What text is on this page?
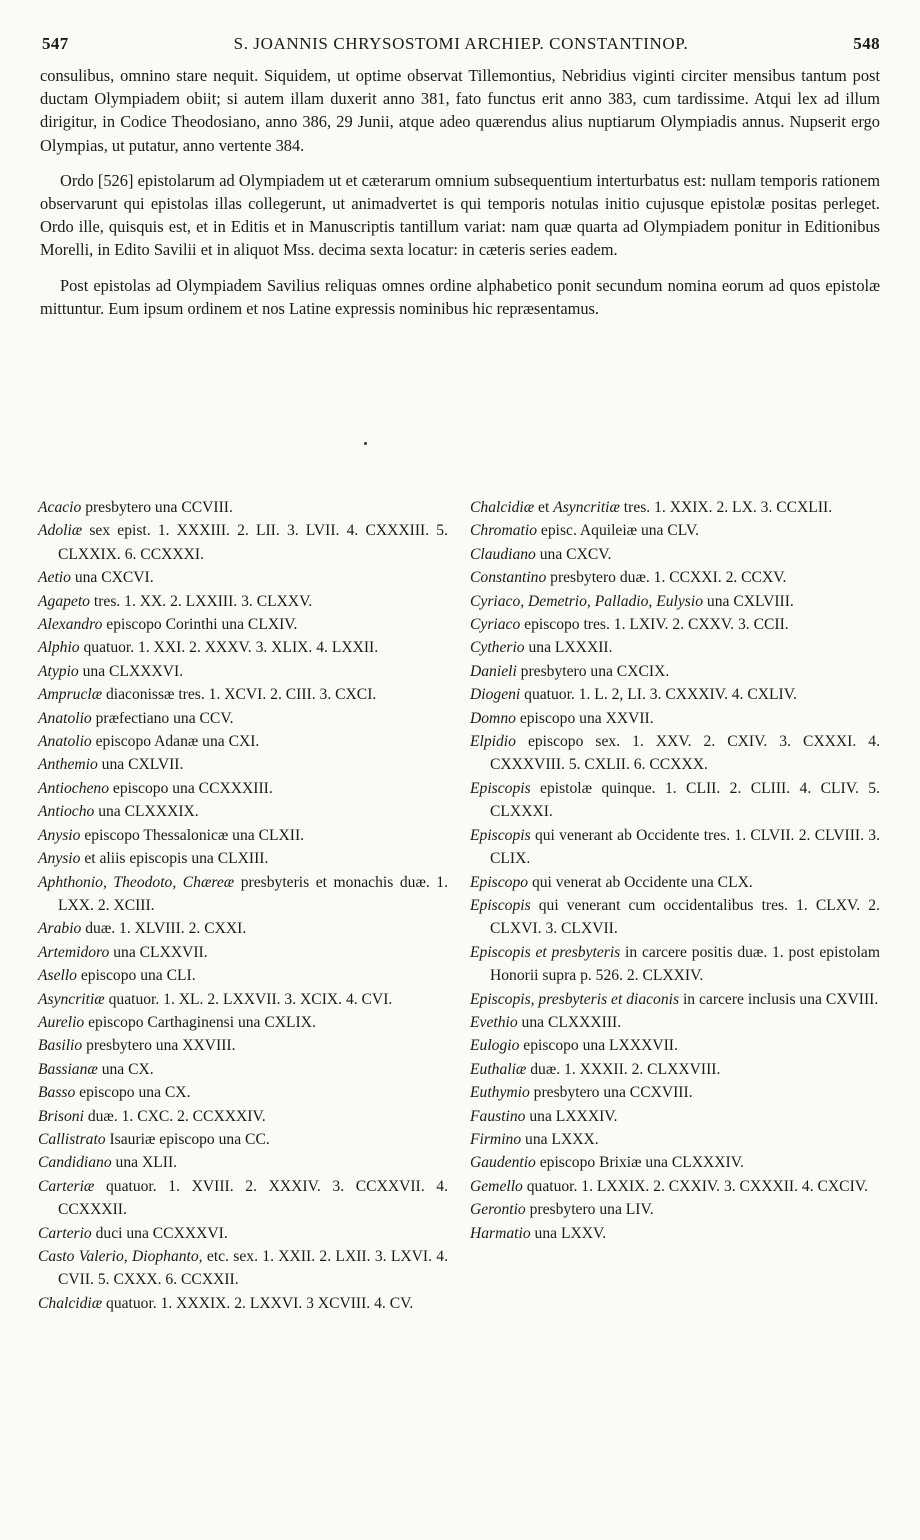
547	S. JOANNIS CHRYSOSTOMI ARCHIEP. CONSTANTINOP.	548

consulibus, omnino stare nequit. Siquidem, ut optime observat Tillemontius, Nebridius viginti circiter mensibus tantum post ductam Olympiadem obiit; si autem illam duxerit anno 381, fato functus erit anno 383, cum tardissime. Atqui lex ad illum dirigitur, in Codice Theodosiano, anno 386, 29 Junii, atque adeo quærendus alius nuptiarum Olympiadis annus. Nupserit ergo Olympias, ut putatur, anno vertente 384.

Ordo [526] epistolarum ad Olympiadem ut et cæterarum omnium subsequentium interturbatus est: nullam temporis rationem observarunt qui epistolas illas collegerunt, ut animadvertet is qui temporis notulas initio cujusque epistolæ positas perleget. Ordo ille, quisquis est, et in Editis et in Manuscriptis tantillum variat: nam quæ quarta ad Olympiadem ponitur in Editionibus Morelli, in Edito Savilii et in aliquot Mss. decima sexta locatur: in cæteris series eadem.

Post epistolas ad Olympiadem Savilius reliquas omnes ordine alphabetico ponit secundum nomina eorum ad quos epistolæ mittuntur. Eum ipsum ordinem et nos Latine expressis nominibus hic repræsentamus.

Acacio presbytero una CCVIII.

Adoliæ sex epist. 1. XXXIII. 2. LII. 3. LVII. 4. CXXXIII. 5. CLXXIX. 6. CCXXXI.

Aetio una CXCVI.

Agapeto tres. 1. XX. 2. LXXIII. 3. CLXXV.

Alexandro episcopo Corinthi una CLXIV.

Alphio quatuor. 1. XXI. 2. XXXV. 3. XLIX. 4. LXXII.

Atypio una CLXXXVI.

Ampruclæ diaconissæ tres. 1. XCVI. 2. CIII. 3. CXCI.

Anatolio præfectiano una CCV.

Anatolio episcopo Adanæ una CXI.

Anthemio una CXLVII.

Antiocheno episcopo una CCXXXIII.

Antiocho una CLXXXIX.

Anysio episcopo Thessalonicæ una CLXII.

Anysio et aliis episcopis una CLXIII.

Aphthonio, Theodoto, Chæreæ presbyteris et monachis duæ. 1. LXX. 2. XCIII.

Arabio duæ. 1. XLVIII. 2. CXXI.

Artemidoro una CLXXVII.

Asello episcopo una CLI.

Asyncritiæ quatuor. 1. XL. 2. LXXVII. 3. XCIX. 4. CVI.

Aurelio episcopo Carthaginensi una CXLIX.

Basilio presbytero una XXVIII.

Bassianæ una CX.

Basso episcopo una CX.

Brisoni duæ. 1. CXC. 2. CCXXXIV.

Callistrato Isauriæ episcopo una CC.

Candidiano una XLII.

Carteriæ quatuor. 1. XVIII. 2. XXXIV. 3. CCXXVII. 4. CCXXXII.

Carterio duci una CCXXXVI.

Casto Valerio, Diophanto, etc. sex. 1. XXII. 2. LXII. 3. LXVI. 4. CVII. 5. CXXX. 6. CCXXII.

Chalcidiæ quatuor. 1. XXXIX. 2. LXXVI. 3 XCVIII. 4. CV.

Chalcidiæ et Asyncritiæ tres. 1. XXIX. 2. LX. 3. CCXLII.

Chromatio episc. Aquileiæ una CLV.

Claudiano una CXCV.

Constantino presbytero duæ. 1. CCXXI. 2. CCXV.

Cyriaco, Demetrio, Palladio, Eulysio una CXLVIII.

Cyriaco episcopo tres. 1. LXIV. 2. CXXV. 3. CCII.

Cytherio una LXXXII.

Danieli presbytero una CXCIX.

Diogeni quatuor. 1. L. 2, LI. 3. CXXXIV. 4. CXLIV.

Domno episcopo una XXVII.

Elpidio episcopo sex. 1. XXV. 2. CXIV. 3. CXXXI. 4. CXXXVIII. 5. CXLII. 6. CCXXX.

Episcopis epistolæ quinque. 1. CLII. 2. CLIII. 4. CLIV. 5. CLXXXI.

Episcopis qui venerant ab Occidente tres. 1. CLVII. 2. CLVIII. 3. CLIX.

Episcopo qui venerat ab Occidente una CLX.

Episcopis qui venerant cum occidentalibus tres. 1. CLXV. 2. CLXVI. 3. CLXVII.

Episcopis et presbyteris in carcere positis duæ. 1. post epistolam Honorii supra p. 526. 2. CLXXIV.

Episcopis, presbyteris et diaconis in carcere inclusis una CXVIII.

Evethio una CLXXXIII.

Eulogio episcopo una LXXXVII.

Euthaliæ duæ. 1. XXXII. 2. CLXXVIII.

Euthymio presbytero una CCXVIII.

Faustino una LXXXIV.

Firmino una LXXX.

Gaudentio episcopo Brixiæ una CLXXXIV.

Gemello quatuor. 1. LXXIX. 2. CXXIV. 3. CXXXII. 4. CXCIV.

Gerontio presbytero una LIV.

Harmatio una LXXV.
